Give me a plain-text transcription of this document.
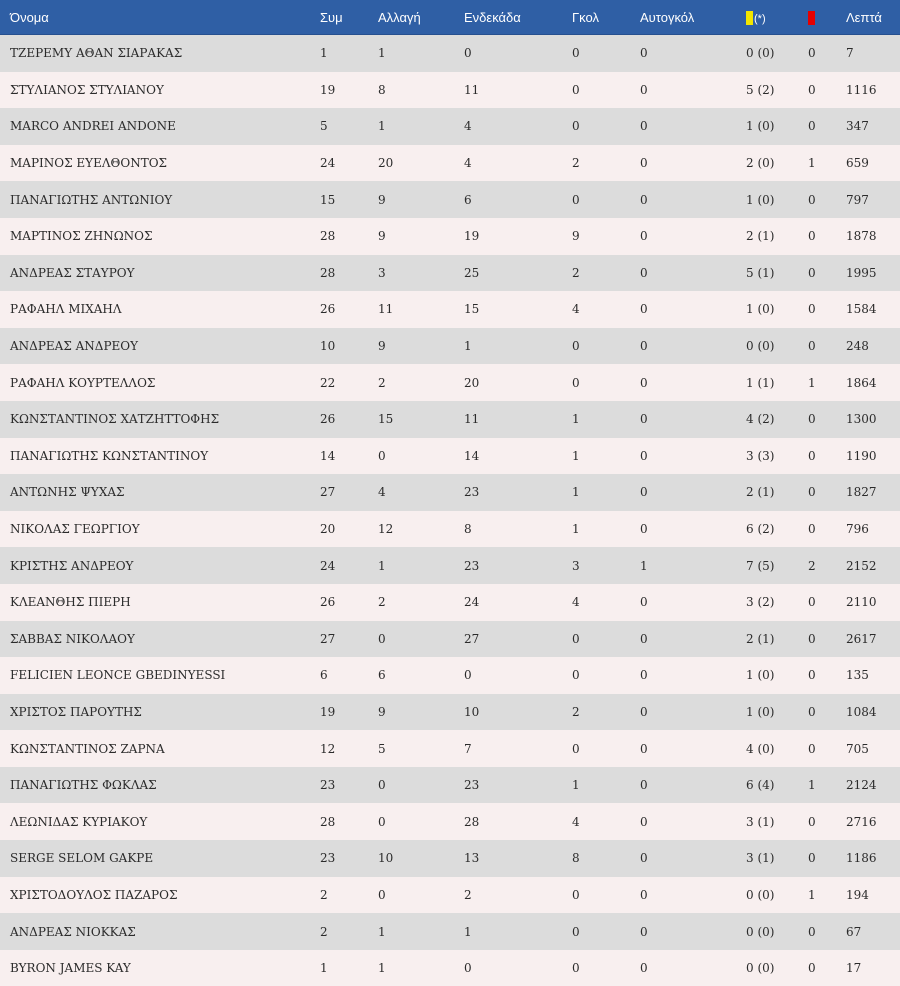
Όνομα	Συμ	Αλλαγή	Ενδεκάδα	Γκολ	Αυτογκόλ	(*)		Λεπτά
ΤΖΕΡΕΜΥ ΑΘΑΝ ΣΙΑΡΑΚΑΣ	1	1	0	0	0	0 (0)	0	7
ΣΤΥΛΙΑΝΟΣ ΣΤΥΛΙΑΝΟΥ	19	8	11	0	0	5 (2)	0	1116
MARCO ANDREI ANDONE	5	1	4	0	0	1 (0)	0	347
ΜΑΡΙΝΟΣ ΕΥΕΛΘΟΝΤΟΣ	24	20	4	2	0	2 (0)	1	659
ΠΑΝΑΓΙΩΤΗΣ ΑΝΤΩΝΙΟΥ	15	9	6	0	0	1 (0)	0	797
ΜΑΡΤΙΝΟΣ ΖΗΝΩΝΟΣ	28	9	19	9	0	2 (1)	0	1878
ΑΝΔΡΕΑΣ ΣΤΑΥΡΟΥ	28	3	25	2	0	5 (1)	0	1995
ΡΑΦΑΗΛ ΜΙΧΑΗΛ	26	11	15	4	0	1 (0)	0	1584
ΑΝΔΡΕΑΣ ΑΝΔΡΕΟΥ	10	9	1	0	0	0 (0)	0	248
ΡΑΦΑΗΛ ΚΟΥΡΤΕΛΛΟΣ	22	2	20	0	0	1 (1)	1	1864
ΚΩΝΣΤΑΝΤΙΝΟΣ ΧΑΤΖΗΤΤΟΦΗΣ	26	15	11	1	0	4 (2)	0	1300
ΠΑΝΑΓΙΩΤΗΣ ΚΩΝΣΤΑΝΤΙΝΟΥ	14	0	14	1	0	3 (3)	0	1190
ΑΝΤΩΝΗΣ ΨΥΧΑΣ	27	4	23	1	0	2 (1)	0	1827
ΝΙΚΟΛΑΣ ΓΕΩΡΓΙΟΥ	20	12	8	1	0	6 (2)	0	796
ΚΡΙΣΤΗΣ ΑΝΔΡΕΟΥ	24	1	23	3	1	7 (5)	2	2152
ΚΛΕΑΝΘΗΣ ΠΙΕΡΗ	26	2	24	4	0	3 (2)	0	2110
ΣΑΒΒΑΣ ΝΙΚΟΛΑΟΥ	27	0	27	0	0	2 (1)	0	2617
FELICIEN LEONCE GBEDINYESSI	6	6	0	0	0	1 (0)	0	135
ΧΡΙΣΤΟΣ ΠΑΡΟΥΤΗΣ	19	9	10	2	0	1 (0)	0	1084
ΚΩΝΣΤΑΝΤΙΝΟΣ ΖΑΡΝΑ	12	5	7	0	0	4 (0)	0	705
ΠΑΝΑΓΙΩΤΗΣ ΦΩΚΛΑΣ	23	0	23	1	0	6 (4)	1	2124
ΛΕΩΝΙΔΑΣ ΚΥΡΙΑΚΟΥ	28	0	28	4	0	3 (1)	0	2716
SERGE SELOM GAKPE	23	10	13	8	0	3 (1)	0	1186
ΧΡΙΣΤΟΔΟΥΛΟΣ ΠΑΖΑΡΟΣ	2	0	2	0	0	0 (0)	1	194
ΑΝΔΡΕΑΣ ΝΙΟΚΚΑΣ	2	1	1	0	0	0 (0)	0	67
BYRON JAMES KAY	1	1	0	0	0	0 (0)	0	17
